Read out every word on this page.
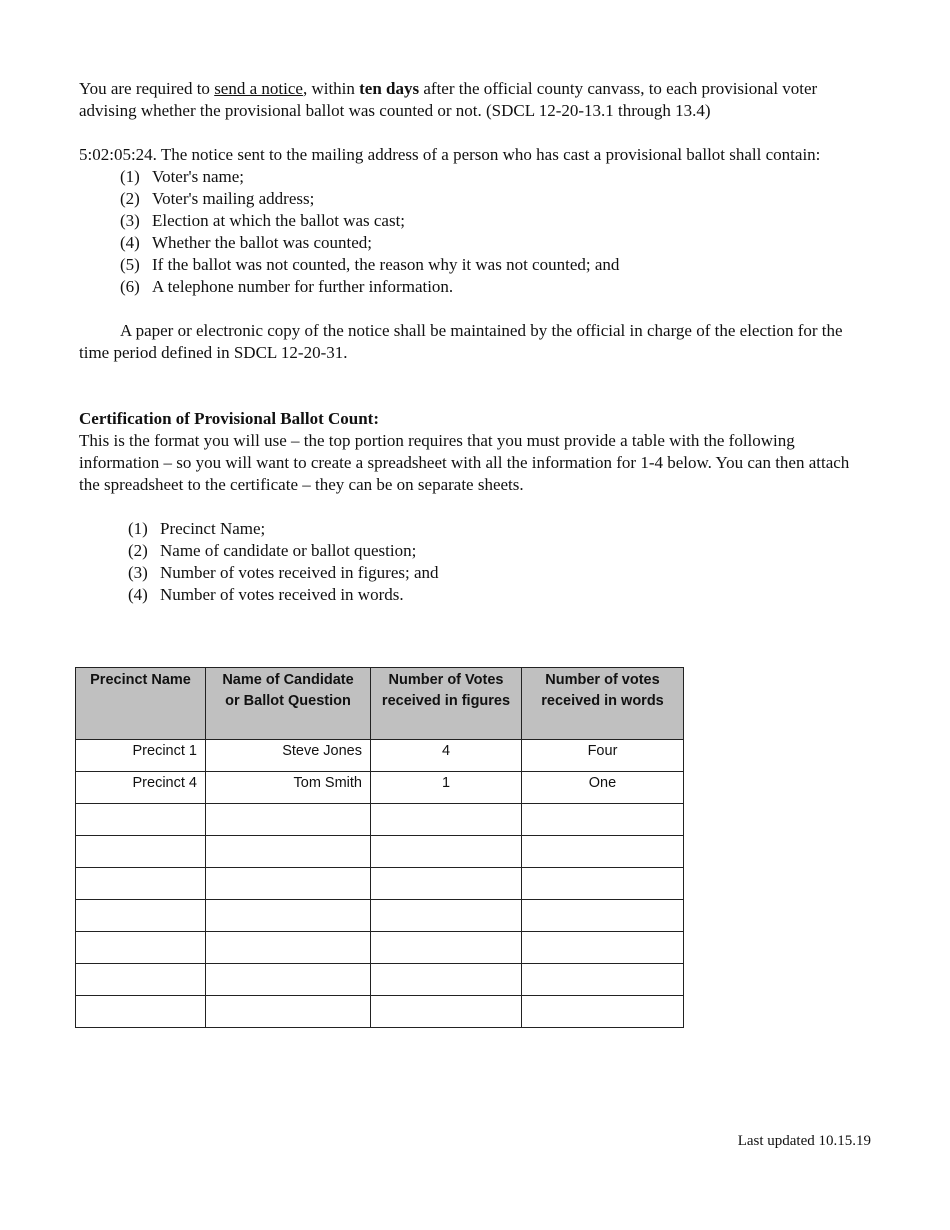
You are required to send a notice, within ten days after the official county canvass, to each provisional voter advising whether the provisional ballot was counted or not. (SDCL 12-20-13.1 through 13.4)

5:02:05:24. The notice sent to the mailing address of a person who has cast a provisional ballot shall contain:

(1) Voter's name;
(2) Voter's mailing address;
(3) Election at which the ballot was cast;
(4) Whether the ballot was counted;
(5) If the ballot was not counted, the reason why it was not counted; and
(6) A telephone number for further information.

A paper or electronic copy of the notice shall be maintained by the official in charge of the election for the time period defined in SDCL 12-20-31.

Certification of Provisional Ballot Count:

This is the format you will use – the top portion requires that you must provide a table with the following information – so you will want to create a spreadsheet with all the information for 1-4 below. You can then attach the spreadsheet to the certificate – they can be on separate sheets.

(1) Precinct Name;
(2) Name of candidate or ballot question;
(3) Number of votes received in figures; and
(4) Number of votes received in words.
Precinct Name	Name of Candidate or Ballot Question	Number of Votes received in figures	Number of votes received in words
Precinct 1	Steve Jones	4	Four
Precinct 4	Tom Smith	1	One

Last updated 10.15.19
